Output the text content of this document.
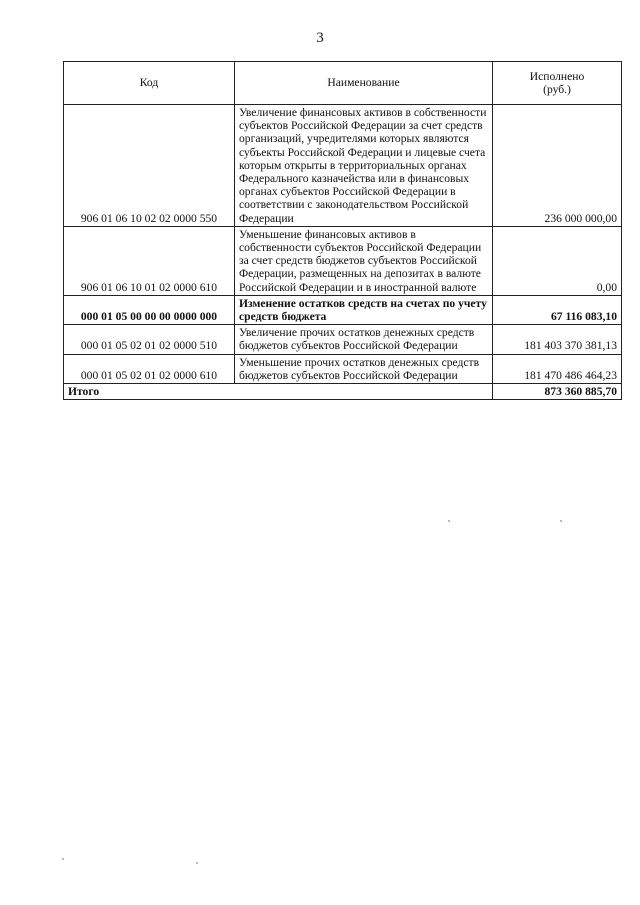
3
Код	Наименование	Исполнено
(руб.)
906 01 06 10 02 02 0000 550	Увеличение финансовых активов в собственности субъектов Российской Федерации за счет средств организаций, учредителями которых являются субъекты Российской Федерации и лицевые счета которым открыты в территориальных органах Федерального казначейства или в финансовых органах субъектов Российской Федерации в соответствии с законодательством Российской Федерации	236 000 000,00
906 01 06 10 01 02 0000 610	Уменьшение финансовых активов в собственности субъектов Российской Федерации за счет средств бюджетов субъектов Российской Федерации, размещенных на депозитах в валюте Российской Федерации и в иностранной валюте	0,00
000 01 05 00 00 00 0000 000	Изменение остатков средств на счетах по учету средств бюджета	67 116 083,10
000 01 05 02 01 02 0000 510	Увеличение прочих остатков денежных средств бюджетов субъектов Российской Федерации	181 403 370 381,13
000 01 05 02 01 02 0000 610	Уменьшение прочих остатков денежных средств бюджетов субъектов Российской Федерации	181 470 486 464,23
Итого		873 360 885,70
